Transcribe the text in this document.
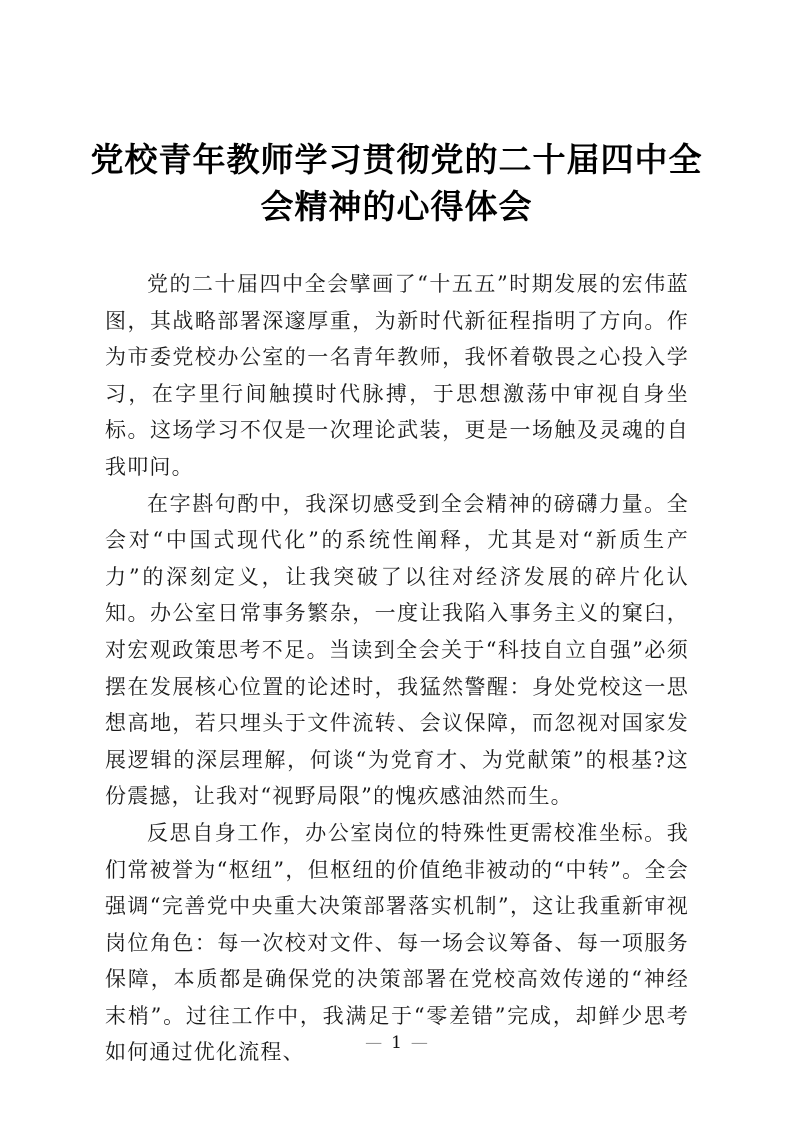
党校青年教师学习贯彻党的二十届四中全会精神的心得体会

党的二十届四中全会擘画了“十五五”时期发展的宏伟蓝图，其战略部署深邃厚重，为新时代新征程指明了方向。作为市委党校办公室的一名青年教师，我怀着敬畏之心投入学习，在字里行间触摸时代脉搏，于思想激荡中审视自身坐标。这场学习不仅是一次理论武装，更是一场触及灵魂的自我叩问。

在字斟句酌中，我深切感受到全会精神的磅礴力量。全会对“中国式现代化”的系统性阐释，尤其是对“新质生产力”的深刻定义，让我突破了以往对经济发展的碎片化认知。办公室日常事务繁杂，一度让我陷入事务主义的窠臼，对宏观政策思考不足。当读到全会关于“科技自立自强”必须摆在发展核心位置的论述时，我猛然警醒：身处党校这一思想高地，若只埋头于文件流转、会议保障，而忽视对国家发展逻辑的深层理解，何谈“为党育才、为党献策”的根基?这份震撼，让我对“视野局限”的愧疚感油然而生。

反思自身工作，办公室岗位的特殊性更需校准坐标。我们常被誉为“枢纽”，但枢纽的价值绝非被动的“中转”。全会强调“完善党中央重大决策部署落实机制”，这让我重新审视岗位角色：每一次校对文件、每一场会议筹备、每一项服务保障，本质都是确保党的决策部署在党校高效传递的“神经末梢”。过往工作中，我满足于“零差错”完成，却鲜少思考如何通过优化流程、	— 1 —
